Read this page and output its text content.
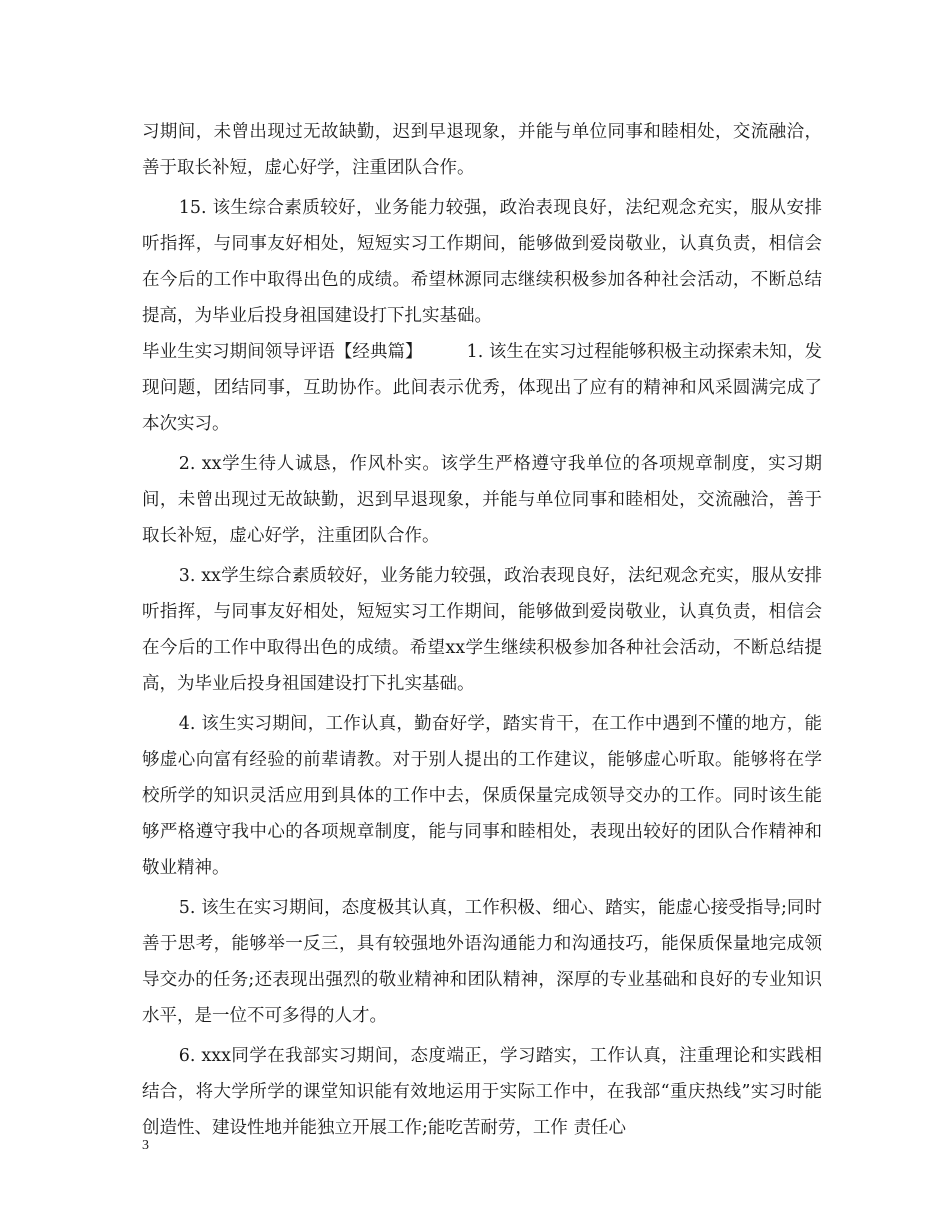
习期间，未曾出现过无故缺勤，迟到早退现象，并能与单位同事和睦相处，交流融洽，善于取长补短，虚心好学，注重团队合作。

15. 该生综合素质较好，业务能力较强，政治表现良好，法纪观念充实，服从安排听指挥，与同事友好相处，短短实习工作期间，能够做到爱岗敬业，认真负责，相信会在今后的工作中取得出色的成绩。希望林源同志继续积极参加各种社会活动，不断总结提高，为毕业后投身祖国建设打下扎实基础。

毕业生实习期间领导评语【经典篇】	1. 该生在实习过程能够积极主动探索未知，发现问题，团结同事，互助协作。此间表示优秀，体现出了应有的精神和风采圆满完成了本次实习。

2. xx学生待人诚恳，作风朴实。该学生严格遵守我单位的各项规章制度，实习期间，未曾出现过无故缺勤，迟到早退现象，并能与单位同事和睦相处，交流融洽，善于取长补短，虚心好学，注重团队合作。

3. xx学生综合素质较好，业务能力较强，政治表现良好，法纪观念充实，服从安排听指挥，与同事友好相处，短短实习工作期间，能够做到爱岗敬业，认真负责，相信会在今后的工作中取得出色的成绩。希望xx学生继续积极参加各种社会活动，不断总结提高，为毕业后投身祖国建设打下扎实基础。

4. 该生实习期间，工作认真，勤奋好学，踏实肯干，在工作中遇到不懂的地方，能够虚心向富有经验的前辈请教。对于别人提出的工作建议，能够虚心听取。能够将在学校所学的知识灵活应用到具体的工作中去，保质保量完成领导交办的工作。同时该生能够严格遵守我中心的各项规章制度，能与同事和睦相处，表现出较好的团队合作精神和敬业精神。

5. 该生在实习期间，态度极其认真，工作积极、细心、踏实，能虚心接受指导;同时善于思考，能够举一反三，具有较强地外语沟通能力和沟通技巧，能保质保量地完成领导交办的任务;还表现出强烈的敬业精神和团队精神，深厚的专业基础和良好的专业知识水平，是一位不可多得的人才。

6. xxx同学在我部实习期间，态度端正，学习踏实，工作认真，注重理论和实践相结合，将大学所学的课堂知识能有效地运用于实际工作中，在我部“重庆热线”实习时能创造性、建设性地并能独立开展工作;能吃苦耐劳，工作 责任心

3
